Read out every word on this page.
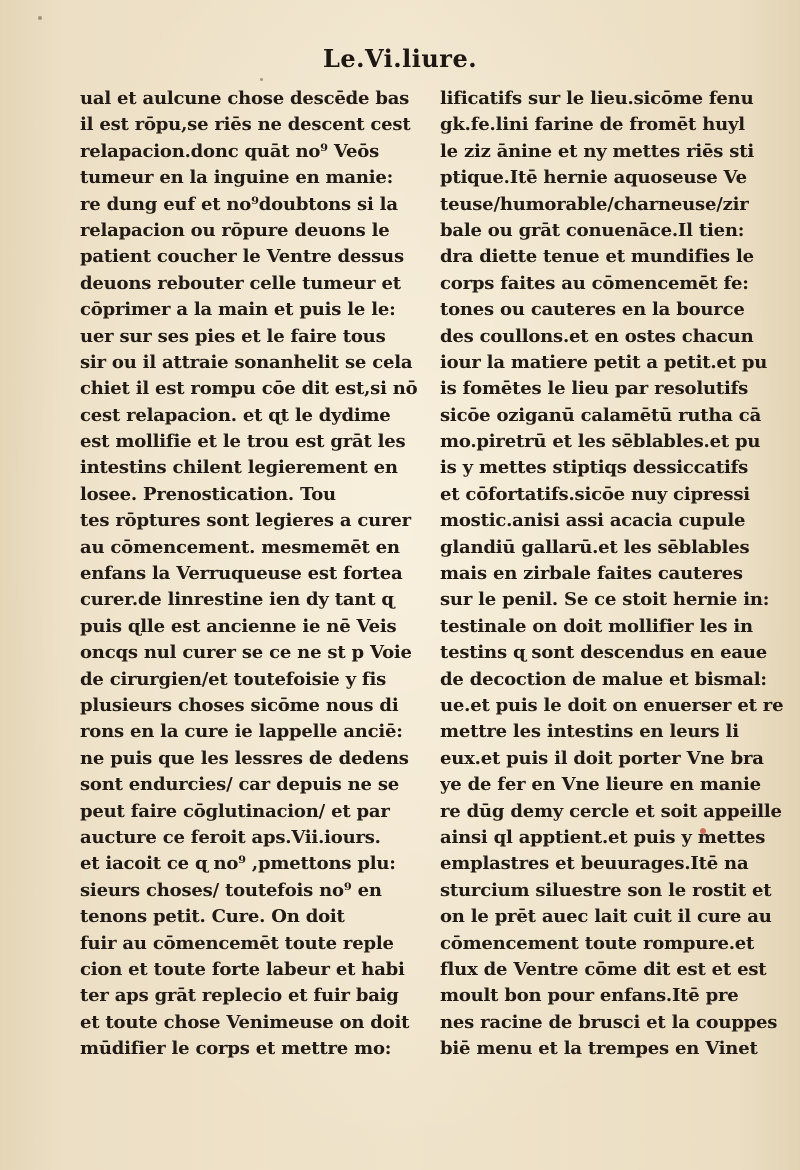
Le.Vi.liure.
ual et aulcune chose descēde bas
il est rōpu,se riēs ne descent cest
relapacion.donc quāt no⁹ Veōs
tumeur en la inguine en manie:
re dung euf et no⁹doubtons si la
relapacion ou rōpure deuons le
patient coucher le Ventre dessus
deuons rebouter celle tumeur et
cōprimer a la main et puis le le:
uer sur ses pies et le faire tous
sir ou il attraie sonanhelit se cela
chiet il est rompu cōe dit est,si nō
cest relapacion. et ɋt le dydime
est mollifie et le trou est grāt les
intestins chilent legierement en
losee. Prenostication. Tou
tes rōptures sont legieres a curer
au cōmencement. mesmemēt en
enfans la Verruqueuse est fortea
curer.de linrestine ien dy tant ɋ
puis ɋlle est ancienne ie nē Veis
oncqs nul curer se ce ne st p Voie
de cirurgien/et toutefoisie y fis
plusieurs choses sicōme nous di
rons en la cure ie lappelle anciē:
ne puis que les lessres de dedens
sont endurcies/ car depuis ne se
peut faire cōglutinacion/ et par
aucture ce feroit aps.Vii.iours.
et iacoit ce ɋ no⁹ ,pmettons plu:
sieurs choses/ toutefois no⁹ en
tenons petit. Cure. On doit
fuir au cōmencemēt toute reple
cion et toute forte labeur et habi
ter aps grāt replecio et fuir baig
et toute chose Venimeuse on doit
mūdifier le corps et mettre mo:
lificatifs sur le lieu.sicōme fenu
gk.fe.lini farine de fromēt huyl
le ziz ānine et ny mettes riēs sti
ptique.Itē hernie aquoseuse Ve
teuse/humorable/charneuse/zir
bale ou grāt conuenāce.Il tien:
dra diette tenue et mundifies le
corps faites au cōmencemēt fe:
tones ou cauteres en la bource
des coullons.et en ostes chacun
iour la matiere petit a petit.et pu
is fomētes le lieu par resolutifs
sicōe oziganū calamētū rutha cā
mo.piretrū et les sēblables.et pu
is y mettes stiptiqs dessiccatifs
et cōfortatifs.sicōe nuy cipressi
mostic.anisi assi acacia cupule
glandiū gallarū.et les sēblables
mais en zirbale faites cauteres
sur le penil. Se ce stoit hernie in:
testinale on doit mollifier les in
testins ɋ sont descendus en eaue
de decoction de malue et bismal:
ue.et puis le doit on enuerser et re
mettre les intestins en leurs li
eux.et puis il doit porter Vne bra
ye de fer en Vne lieure en manie
re dūg demy cercle et soit appeille
ainsi ql apptient.et puis y mettes
emplastres et beuurages.Itē na
sturcium siluestre son le rostit et
on le prēt auec lait cuit il cure au
cōmencement toute rompure.et
flux de Ventre cōme dit est et est
moult bon pour enfans.Itē pre
nes racine de brusci et la couppes
biē menu et la trempes en Vinet
